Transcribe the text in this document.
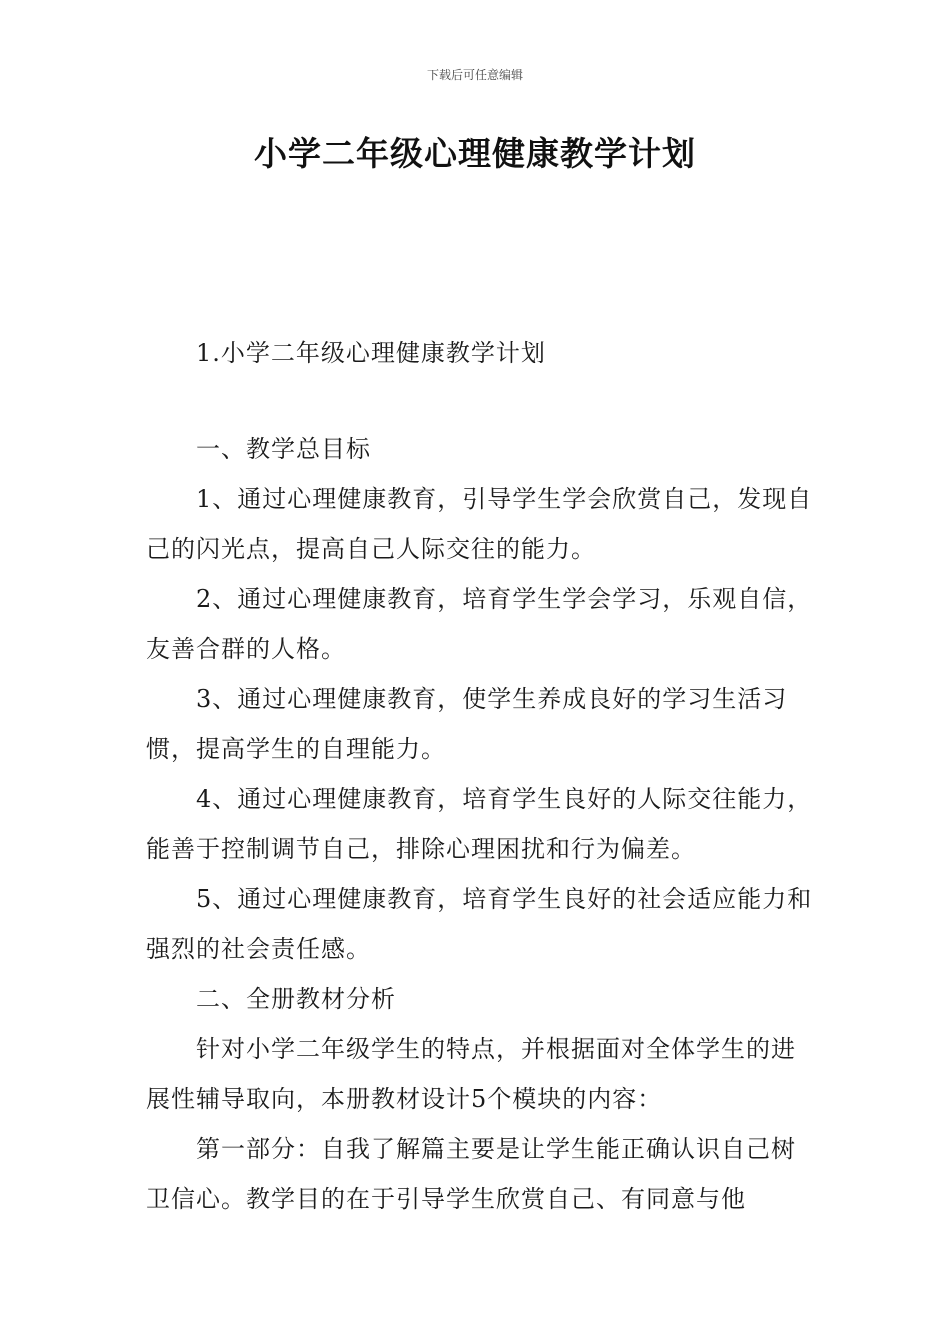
下载后可任意编辑
小学二年级心理健康教学计划

1.小学二年级心理健康教学计划

一、教学总目标

1、通过心理健康教育，引导学生学会欣赏自己，发现自己的闪光点，提高自己人际交往的能力。

2、通过心理健康教育，培育学生学会学习，乐观自信，友善合群的人格。

3、通过心理健康教育，使学生养成良好的学习生活习惯，提高学生的自理能力。

4、通过心理健康教育，培育学生良好的人际交往能力，能善于控制调节自己，排除心理困扰和行为偏差。

5、通过心理健康教育，培育学生良好的社会适应能力和强烈的社会责任感。

二、全册教材分析

针对小学二年级学生的特点，并根据面对全体学生的进展性辅导取向，本册教材设计5个模块的内容：

第一部分：自我了解篇主要是让学生能正确认识自己树卫信心。教学目的在于引导学生欣赏自己、有同意与他
